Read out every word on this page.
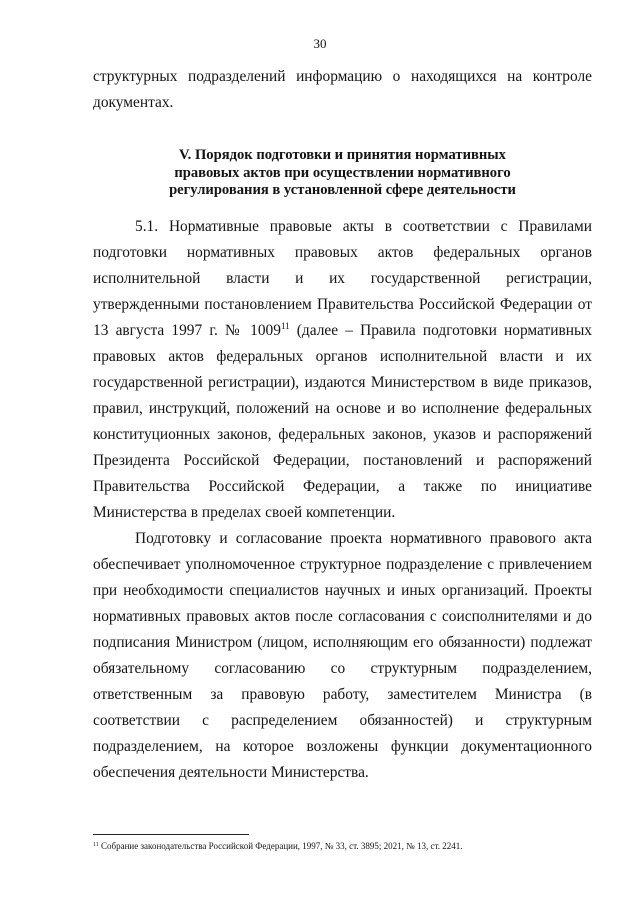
30

структурных подразделений информацию о находящихся на контроле документах.

V. Порядок подготовки и принятия нормативных
правовых актов при осуществлении нормативного
регулирования в установленной сфере деятельности

5.1. Нормативные правовые акты в соответствии с Правилами подготовки нормативных правовых актов федеральных органов исполнительной власти и их государственной регистрации, утвержденными постановлением Правительства Российской Федерации от 13 августа 1997 г. № 1009$^{11}$ (далее – Правила подготовки нормативных правовых актов федеральных органов исполнительной власти и их государственной регистрации), издаются Министерством в виде приказов, правил, инструкций, положений на основе и во исполнение федеральных конституционных законов, федеральных законов, указов и распоряжений Президента Российской Федерации, постановлений и распоряжений Правительства Российской Федерации, а также по инициативе Министерства в пределах своей компетенции.

Подготовку и согласование проекта нормативного правового акта обеспечивает уполномоченное структурное подразделение с привлечением при необходимости специалистов научных и иных организаций. Проекты нормативных правовых актов после согласования с соисполнителями и до подписания Министром (лицом, исполняющим его обязанности) подлежат обязательному согласованию со структурным подразделением, ответственным за правовую работу, заместителем Министра (в соответствии с распределением обязанностей) и структурным подразделением, на которое возложены функции документационного обеспечения деятельности Министерства.

$^{11}$ Собрание законодательства Российской Федерации, 1997, № 33, ст. 3895; 2021, № 13, ст. 2241.
